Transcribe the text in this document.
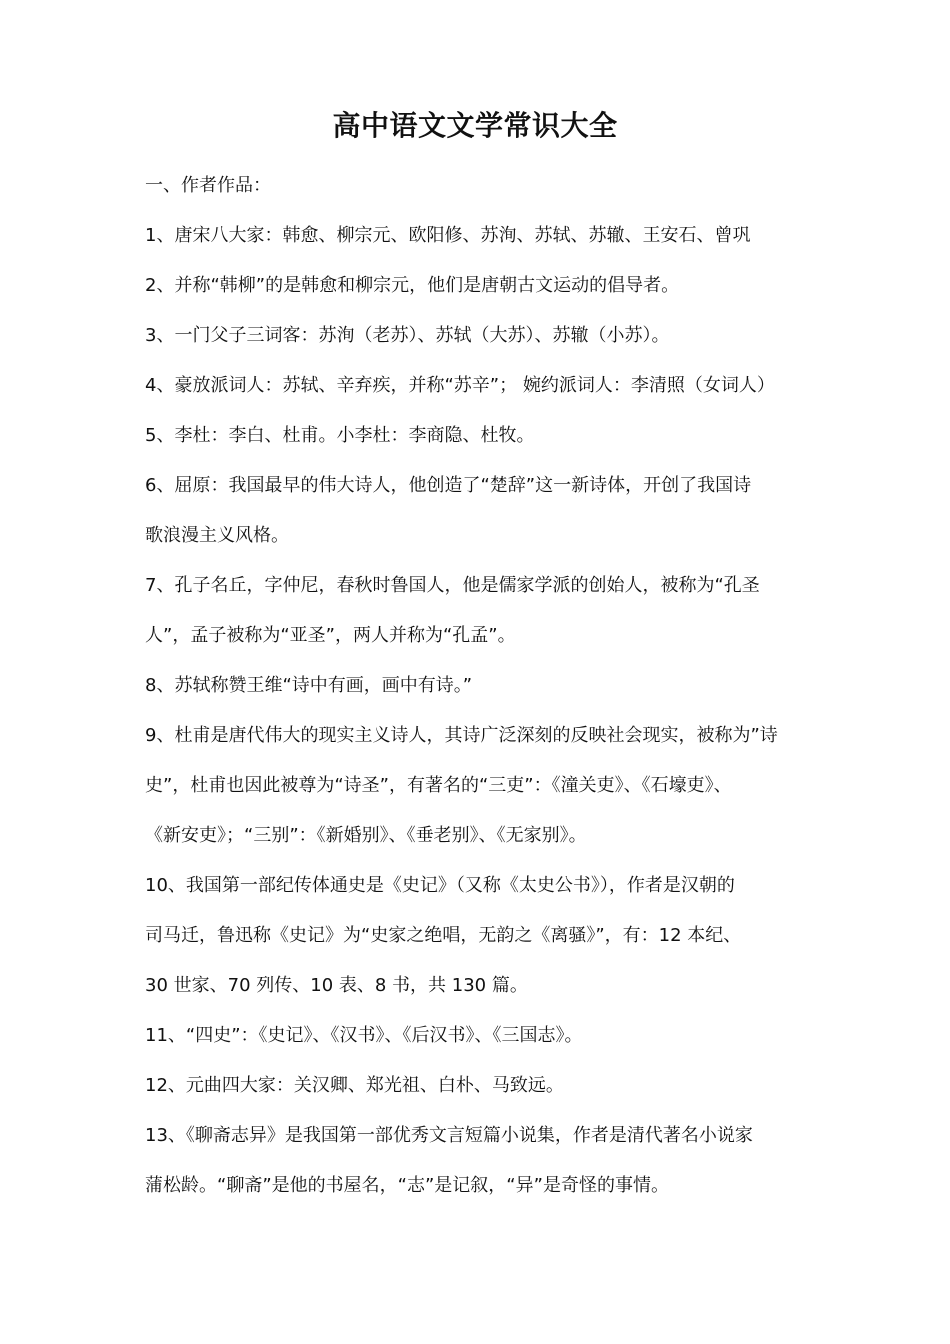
高中语文文学常识大全
一、作者作品：
1、唐宋八大家：韩愈、柳宗元、欧阳修、苏洵、苏轼、苏辙、王安石、曾巩
2、并称“韩柳”的是韩愈和柳宗元，他们是唐朝古文运动的倡导者。
3、一门父子三词客：苏洵（老苏）、苏轼（大苏）、苏辙（小苏）。
4、豪放派词人：苏轼、辛弃疾，并称“苏辛”； 婉约派词人：李清照（女词人）
5、李杜：李白、杜甫。小李杜：李商隐、杜牧。
6、屈原：我国最早的伟大诗人，他创造了“楚辞”这一新诗体，开创了我国诗
歌浪漫主义风格。
7、孔子名丘，字仲尼，春秋时鲁国人，他是儒家学派的创始人，被称为“孔圣
人”，孟子被称为“亚圣”，两人并称为“孔孟”。
8、苏轼称赞王维“诗中有画，画中有诗。”
9、杜甫是唐代伟大的现实主义诗人，其诗广泛深刻的反映社会现实，被称为”诗
史”，杜甫也因此被尊为“诗圣”，有著名的“三吏”：《潼关吏》、《石壕吏》、
《新安吏》；“三别”：《新婚别》、《垂老别》、《无家别》。
10、我国第一部纪传体通史是《史记》（又称《太史公书》），作者是汉朝的
司马迁，鲁迅称《史记》为“史家之绝唱，无韵之《离骚》”，有：12 本纪、
30 世家、70 列传、10 表、8 书，共 130 篇。
11、“四史”：《史记》、《汉书》、《后汉书》、《三国志》。
12、元曲四大家：关汉卿、郑光祖、白朴、马致远。
13、《聊斋志异》是我国第一部优秀文言短篇小说集，作者是清代著名小说家
蒲松龄。“聊斋”是他的书屋名，“志”是记叙，“异”是奇怪的事情。
